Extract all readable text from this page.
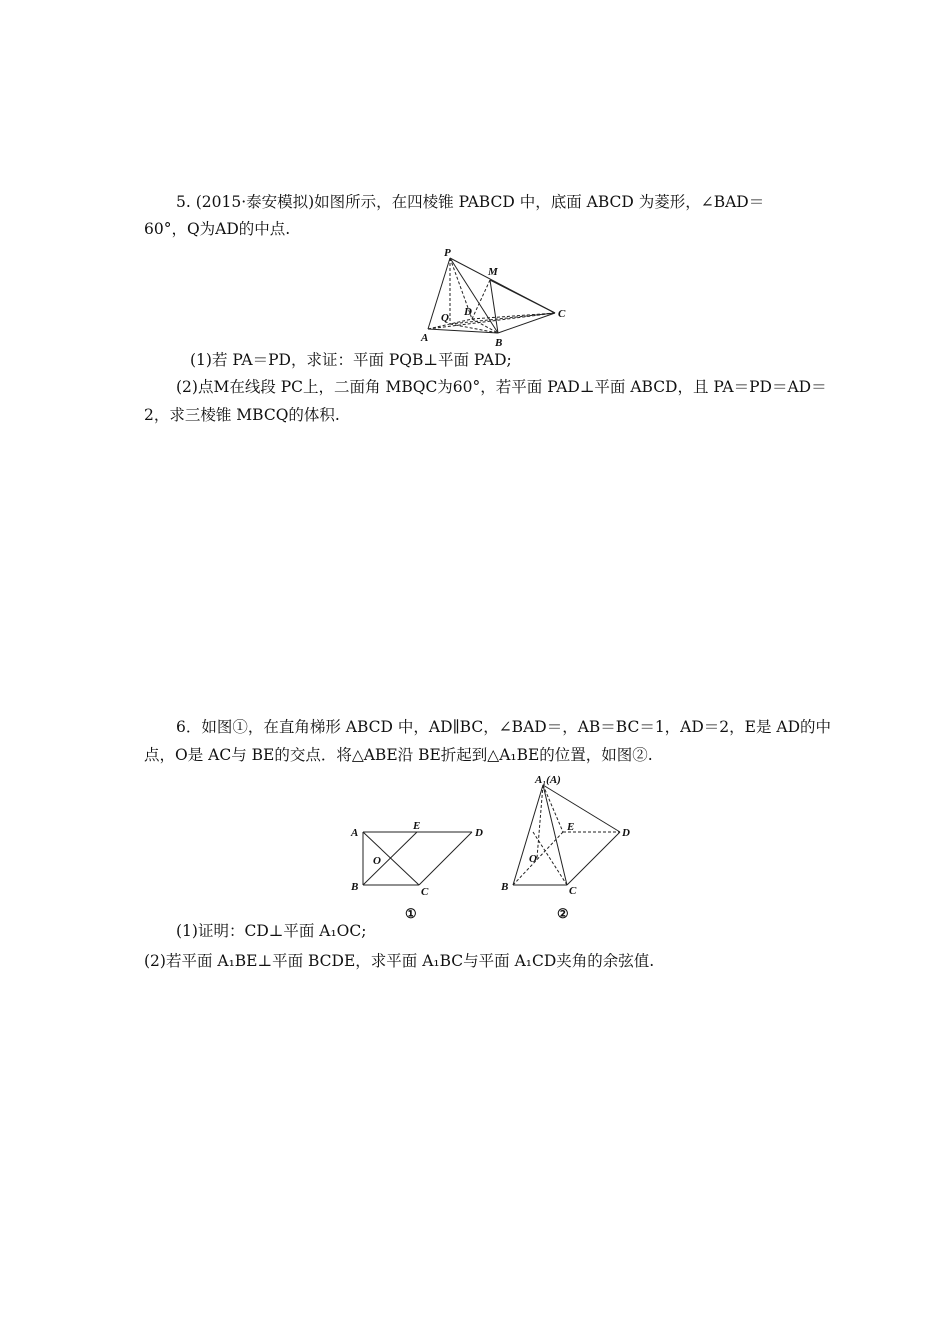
5. (2015·泰安模拟)如图所示，在四棱锥 PABCD 中，底面 ABCD 为菱形，∠BAD＝
60°，Q为AD的中点.
P
M
D	C
Q
A	B
(1)若 PA＝PD，求证：平面 PQB⊥平面 PAD;
(2)点M在线段 PC上，二面角 MBQC为60°，若平面 PAD⊥平面 ABCD，且 PA＝PD＝AD＝
2，求三棱锥 MBCQ的体积.
6．如图①，在直角梯形 ABCD 中，AD∥BC，∠BAD＝，AB＝BC＝1，AD＝2，E是 AD的中
点，O是 AC与 BE的交点．将△ABE沿 BE折起到△A₁BE的位置，如图②.
A
E
D
O
B	C
①
A₁(A)
E	D
O
B	C
②
(1)证明：CD⊥平面 A₁OC;
(2)若平面 A₁BE⊥平面 BCDE，求平面 A₁BC与平面 A₁CD夹角的余弦值.
